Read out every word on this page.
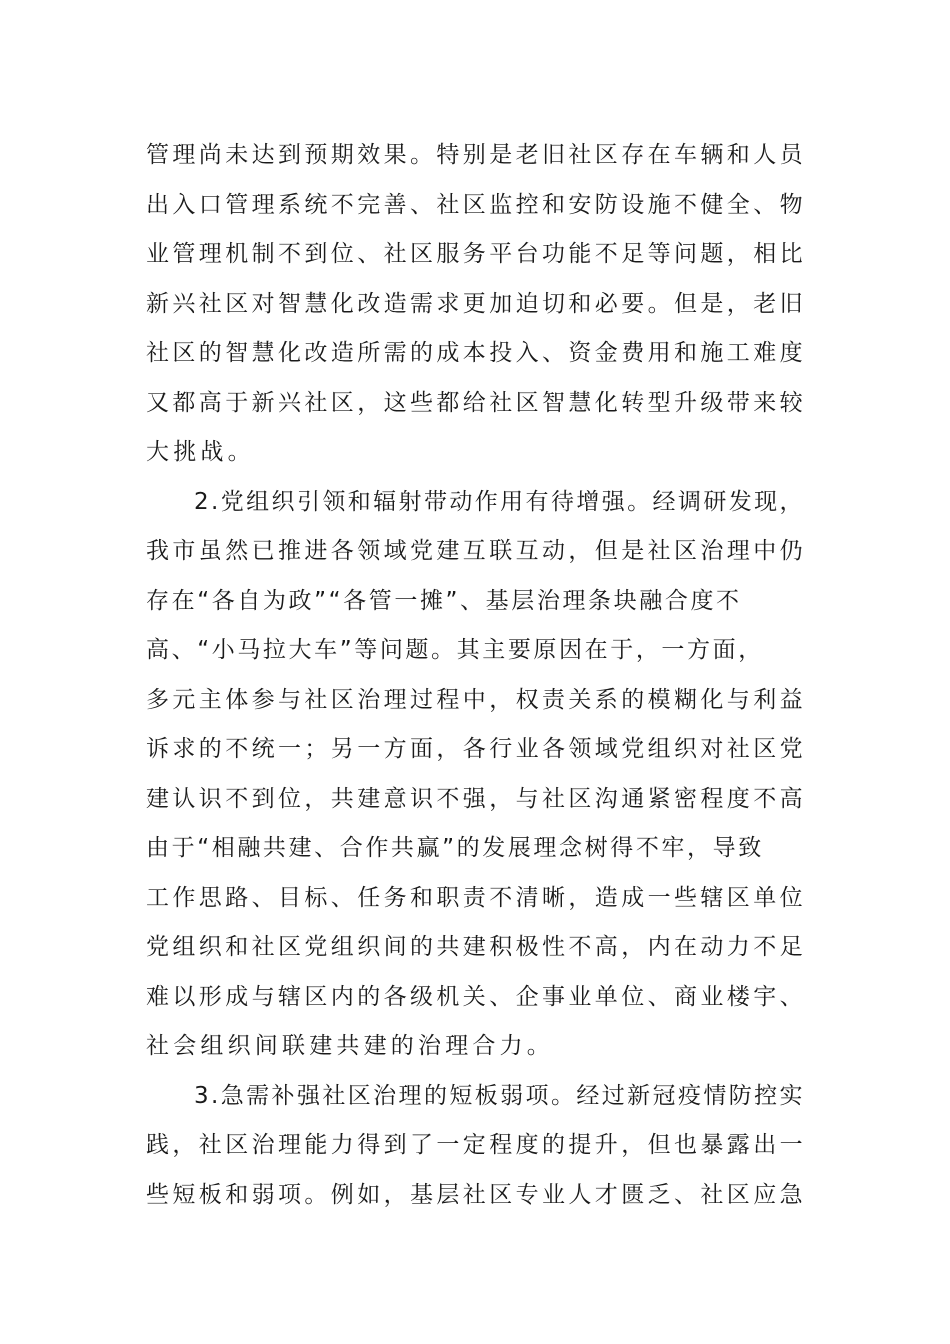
管理尚未达到预期效果。特别是老旧社区存在车辆和人员
出入口管理系统不完善、社区监控和安防设施不健全、物
业管理机制不到位、社区服务平台功能不足等问题，相比
新兴社区对智慧化改造需求更加迫切和必要。但是，老旧
社区的智慧化改造所需的成本投入、资金费用和施工难度
又都高于新兴社区，这些都给社区智慧化转型升级带来较
大挑战。
2.党组织引领和辐射带动作用有待增强。经调研发现，
我市虽然已推进各领域党建互联互动，但是社区治理中仍
存在“各自为政”“各管一摊”、基层治理条块融合度不
高、“小马拉大车”等问题。其主要原因在于，一方面，
多元主体参与社区治理过程中，权责关系的模糊化与利益
诉求的不统一；另一方面，各行业各领域党组织对社区党
建认识不到位，共建意识不强，与社区沟通紧密程度不高
由于“相融共建、合作共赢”的发展理念树得不牢，导致
工作思路、目标、任务和职责不清晰，造成一些辖区单位
党组织和社区党组织间的共建积极性不高，内在动力不足
难以形成与辖区内的各级机关、企事业单位、商业楼宇、
社会组织间联建共建的治理合力。
3.急需补强社区治理的短板弱项。经过新冠疫情防控实
践，社区治理能力得到了一定程度的提升，但也暴露出一
些短板和弱项。例如，基层社区专业人才匮乏、社区应急
